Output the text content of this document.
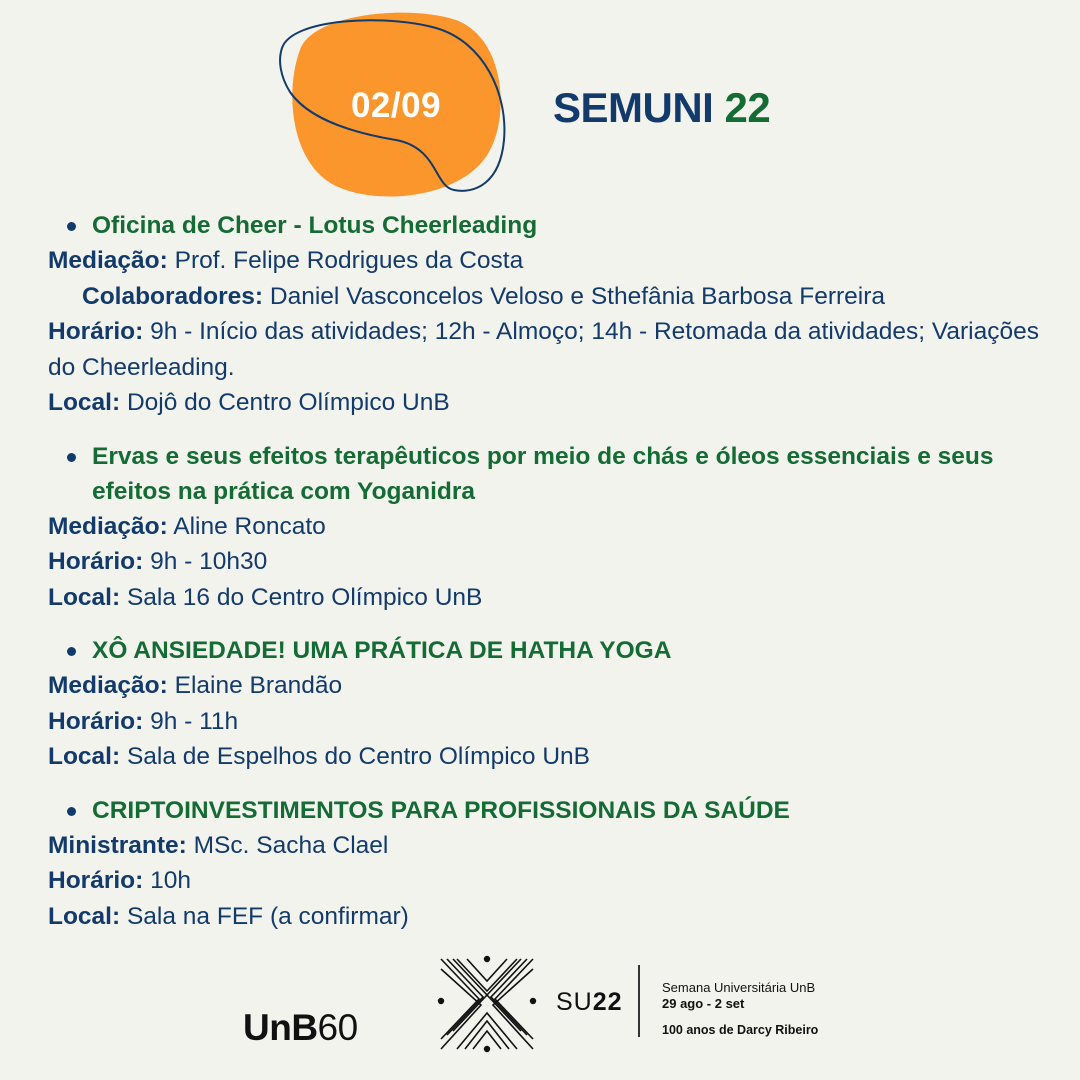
02/09	SEMUNI 22
Oficina de Cheer - Lotus Cheerleading
Mediação: Prof. Felipe Rodrigues da Costa
Colaboradores: Daniel Vasconcelos Veloso e Sthefânia Barbosa Ferreira
Horário: 9h - Início das atividades; 12h - Almoço; 14h - Retomada da atividades; Variações do Cheerleading.
Local: Dojô do Centro Olímpico UnB
Ervas e seus efeitos terapêuticos por meio de chás e óleos essenciais e seus efeitos na prática com Yoganidra
Mediação: Aline Roncato
Horário: 9h - 10h30
Local: Sala 16 do Centro Olímpico UnB
XÔ ANSIEDADE! UMA PRÁTICA DE HATHA YOGA
Mediação: Elaine Brandão
Horário: 9h - 11h
Local: Sala de Espelhos do Centro Olímpico UnB
CRIPTOINVESTIMENTOS PARA PROFISSIONAIS DA SAÚDE
Ministrante: MSc. Sacha Clael
Horário: 10h
Local: Sala na FEF (a confirmar)
UnB60
SU22
Semana Universitária UnB
29 ago - 2 set
100 anos de Darcy Ribeiro
